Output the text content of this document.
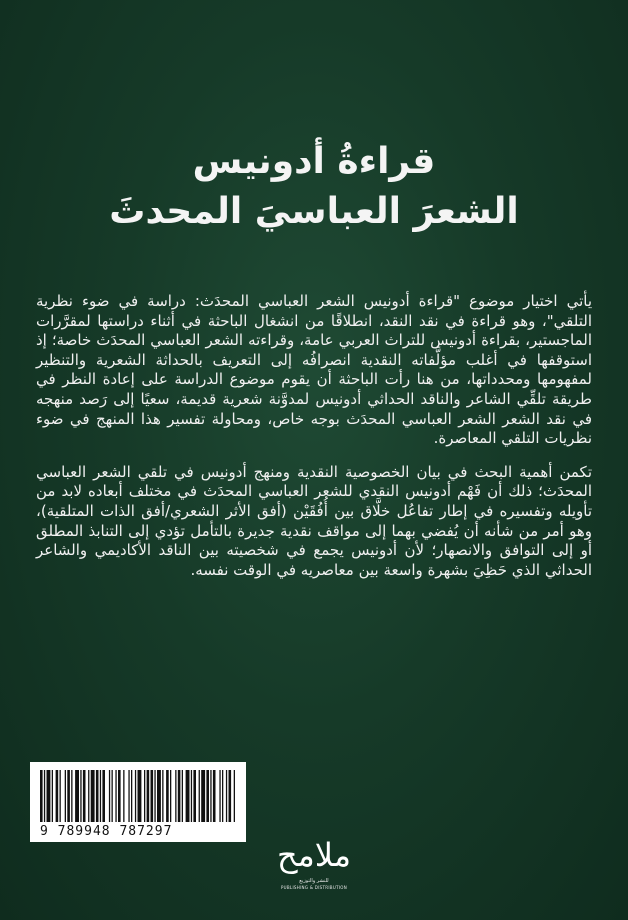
قراءةُ أدونيس
الشعرَ العباسيَ المحدثَ

يأتي اختيار موضوع "قراءة أدونيس الشعر العباسي المحدَث: دراسة في ضوء نظرية التلقي"، وهو قراءة في نقد النقد، انطلاقًا من انشغال الباحثة في أثناء دراستها لمقرَّرات الماجستير، بقراءة أدونيس للتراث العربي عامة، وقراءته الشعر العباسي المحدَث خاصة؛ إذ استوقفها في أغلب مؤلَّفاته النقدية انصرافُه إلى التعريف بالحداثة الشعرية والتنظير لمفهومها ومحدداتها، من هنا رأت الباحثة أن يقوم موضوع الدراسة على إعادة النظر في طريقة تلقِّي الشاعر والناقد الحداثي أدونيس لمدوَّنة شعرية قديمة، سعيًا إلى رَصد منهجه في نقد الشعر الشعر العباسي المحدَث بوجه خاص، ومحاولة تفسير هذا المنهج في ضوء نظريات التلقي المعاصرة.

تكمن أهمية البحث في بيان الخصوصية النقدية ومنهج أدونيس في تلقي الشعر العباسي المحدَث؛ ذلك أن فَهْم أدونيس النقدي للشعر العباسي المحدَث في مختلف أبعاده لابد من تأويله وتفسيره في إطار تفاعُل خلَّاق بين أُفُقَيْن (أفق الأثر الشعري/أفق الذات المتلقية)، وهو أمر من شأنه أن يُفضي بهما إلى مواقف نقدية جديرة بالتأمل تؤدي إلى التنابذ المطلق أو إلى التوافق والانصهار؛ لأن أدونيس يجمع في شخصيته بين الناقد الأكاديمي والشاعر الحداثي الذي حَظِيَ بشهرة واسعة بين معاصريه في الوقت نفسه.

9 789948 787297
ملامح
للنشر والتوزيع
PUBLISHING & DISTRIBUTION
